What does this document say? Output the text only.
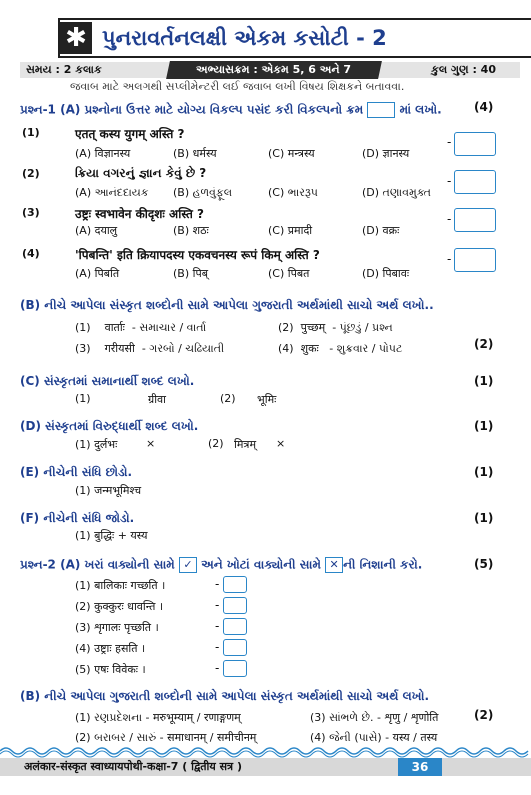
✱ પુનરાવર્તનલક્ષી એકમ કસોટી - 2
સમય : 2 કલાક	કુલ ગુણ : 40
અભ્યાસક્રમ : એકમ 5, 6 અને 7
જવાબ માટે અલગથી સપ્લીમેન્ટરી લઈ જવાબ લખી વિષય શિક્ષકને બતાવવા.
પ્રશ્ન-1 (A) પ્રશ્નોના ઉત્તર માટે યોગ્ય વિકલ્પ પસંદ કરી વિકલ્પનો ક્રમ	માં લખો.	(4)
(1)	एतत् कस्य युगम् अस्ति ?
(A) विज्ञानस्य	(B) धर्मस्य	(C) मन्त्रस्य	(D) ज्ञानस्य
-
(2)	ક્રિયા વગરનું જ્ઞાન કેવું છે ?
(A) આનંદદાયક (B) હળવુંફૂલ	(C) ભારરૂપ	(D) તણાવમુક્ત
-
(3)	उष्ट्रः स्वभावेन कीदृशः अस्ति ?
(A) दयालु	(B) शठः	(C) प्रमादी	(D) वक्रः
-
(4)	'पिबन्ति' इति क्रियापदस्य एकवचनस्य रूपं किम् अस्ति ?
(A) पिबति	(B) पिब्	(C) पिबत	(D) पिबावः
-
(B) નીચે આપેલા સંસ્કૃત શબ્દોની સામે આપેલા ગુજરાતી અર્થમાંથી સાચો અર્થ લખો..
(1) वार्ताः - સમાચાર / વાર્તા	(2) पुच्छम् - પૂંછડું / પ્રશ્ન
(3) गरीयसी - ગરબો / ચઢિયાતી	(4) शुकः - શુક્રવાર / પોપટ	(2)
(C) સંસ્કૃતમાં સમાનાર્થી શબ્દ લખો.	(1)
(1)	ग्रीवा	(2) भूमिः
(D) સંસ્કૃતમાં વિરુદ્ધાર્થી શબ્દ લખો.	(1)
(1) दुर्लभः	×	(2) मित्रम् ×
(E) નીચેની સંધિ છોડો.	(1)
(1) जन्मभूमिश्च
(F) નીચેની સંધિ જોડો.	(1)
(1) बुद्धिः + यस्य
પ્રશ્ન-2 (A) ખરાં વાક્યોની સામે ✓ અને ખોટાં વાક્યોની સામે ✕ ની નિશાની કરો.	(5)
(1) बालिकाः गच्छति ।	-
(2) कुक्कुरः धावन्ति ।	-
(3) शृगालः पृच्छति ।	-
(4) उष्ट्राः हसति ।	-
(5) एषः विवेकः ।	-
(B) નીચે આપેલા ગુજરાતી શબ્દોની સામે આપેલા સંસ્કૃત અર્થમાંથી સાચો અર્થ લખો.
(1) રણપ્રદેશના - मरुभूम्याम् / रणाङ्गणम्	(3) સાંભળે છે. - शृणु / शृणोति	(2)
(2) બરાબર / સારું - समाधानम् / समीचीनम्	(4) જેની (પાસે) - यस्य / तस्य
अलंकार-संस्कृत स्वाध्यायपोथी-कक्षा-7 ( द्वितीय सत्र )	36
